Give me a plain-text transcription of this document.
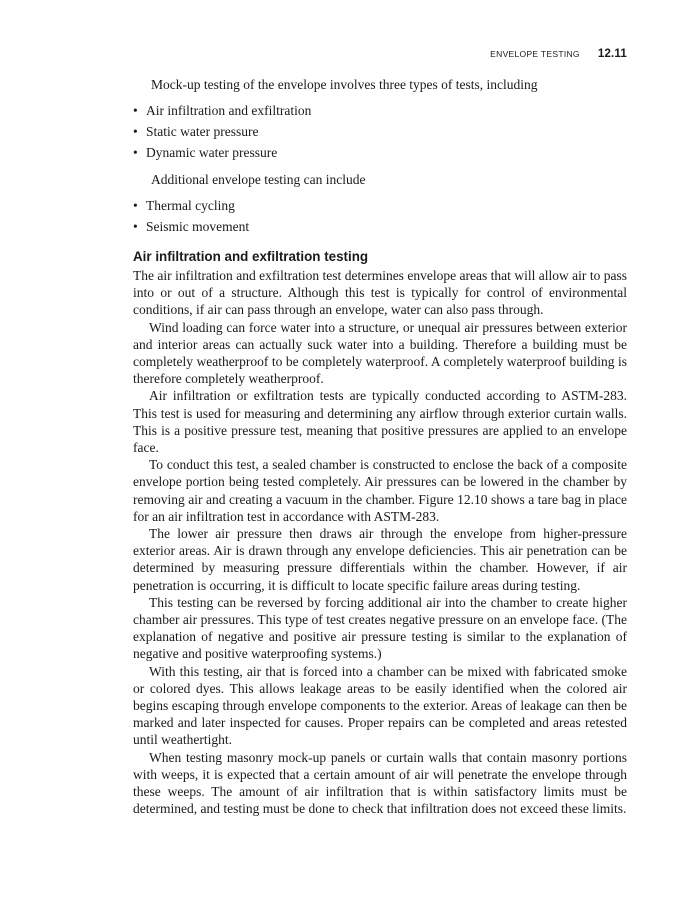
ENVELOPE TESTING 12.11

Mock-up testing of the envelope involves three types of tests, including

• Air infiltration and exfiltration
• Static water pressure
• Dynamic water pressure

Additional envelope testing can include

• Thermal cycling
• Seismic movement
Air infiltration and exfiltration testing

The air infiltration and exfiltration test determines envelope areas that will allow air to pass into or out of a structure. Although this test is typically for control of environmental conditions, if air can pass through an envelope, water can also pass through.

Wind loading can force water into a structure, or unequal air pressures between exterior and interior areas can actually suck water into a building. Therefore a building must be completely weatherproof to be completely waterproof. A completely waterproof building is therefore completely weatherproof.

Air infiltration or exfiltration tests are typically conducted according to ASTM-283. This test is used for measuring and determining any airflow through exterior curtain walls. This is a positive pressure test, meaning that positive pressures are applied to an envelope face.

To conduct this test, a sealed chamber is constructed to enclose the back of a composite envelope portion being tested completely. Air pressures can be lowered in the chamber by removing air and creating a vacuum in the chamber. Figure 12.10 shows a tare bag in place for an air infiltration test in accordance with ASTM-283.

The lower air pressure then draws air through the envelope from higher-pressure exterior areas. Air is drawn through any envelope deficiencies. This air penetration can be determined by measuring pressure differentials within the chamber. However, if air penetration is occurring, it is difficult to locate specific failure areas during testing.

This testing can be reversed by forcing additional air into the chamber to create higher chamber air pressures. This type of test creates negative pressure on an envelope face. (The explanation of negative and positive air pressure testing is similar to the explanation of negative and positive waterproofing systems.)

With this testing, air that is forced into a chamber can be mixed with fabricated smoke or colored dyes. This allows leakage areas to be easily identified when the colored air begins escaping through envelope components to the exterior. Areas of leakage can then be marked and later inspected for causes. Proper repairs can be completed and areas retested until weathertight.

When testing masonry mock-up panels or curtain walls that contain masonry portions with weeps, it is expected that a certain amount of air will penetrate the envelope through these weeps. The amount of air infiltration that is within satisfactory limits must be determined, and testing must be done to check that infiltration does not exceed these limits.
